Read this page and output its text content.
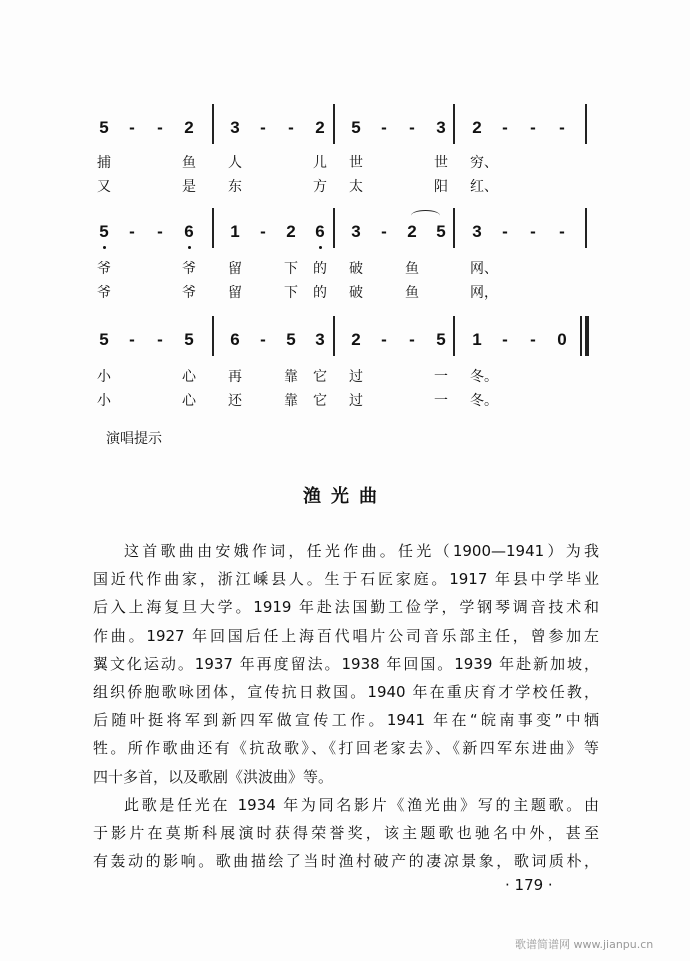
5 - - 2 3 - - 2 5 - - 3 2 - - -
捕	鱼	人	儿	世	世	穷、
又	是	东	方	太	阳	红、
5 - - 6 1 - 2 6 3 - 2 5 3 - - -
爷	爷	留	下	的	破	鱼	网、
爷	爷	留	下	的	破	鱼	网，
5 - - 5 6 - 5 3 2 - - 5 1 - - 0
小	心	再	靠	它	过	一	冬。
小	心	还	靠	它	过	一	冬。
演唱提示
渔光曲
这首歌曲由安娥作词，任光作曲。任光（1900—1941）为我
国近代作曲家，浙江嵊县人。生于石匠家庭。1917 年县中学毕业
后入上海复旦大学。1919 年赴法国勤工俭学，学钢琴调音技术和
作曲。1927 年回国后任上海百代唱片公司音乐部主任，曾参加左
翼文化运动。1937 年再度留法。1938 年回国。1939 年赴新加坡，
组织侨胞歌咏团体，宣传抗日救国。1940 年在重庆育才学校任教，
后随叶挺将军到新四军做宣传工作。1941 年在“皖南事变”中牺
牲。所作歌曲还有《抗敌歌》、《打回老家去》、《新四军东进曲》等
四十多首，以及歌剧《洪波曲》等。
此歌是任光在 1934 年为同名影片《渔光曲》写的主题歌。由
于影片在莫斯科展演时获得荣誉奖，该主题歌也驰名中外，甚至
有轰动的影响。歌曲描绘了当时渔村破产的凄凉景象，歌词质朴，
· 179 ·
歌谱简谱网 www.jianpu.cn
